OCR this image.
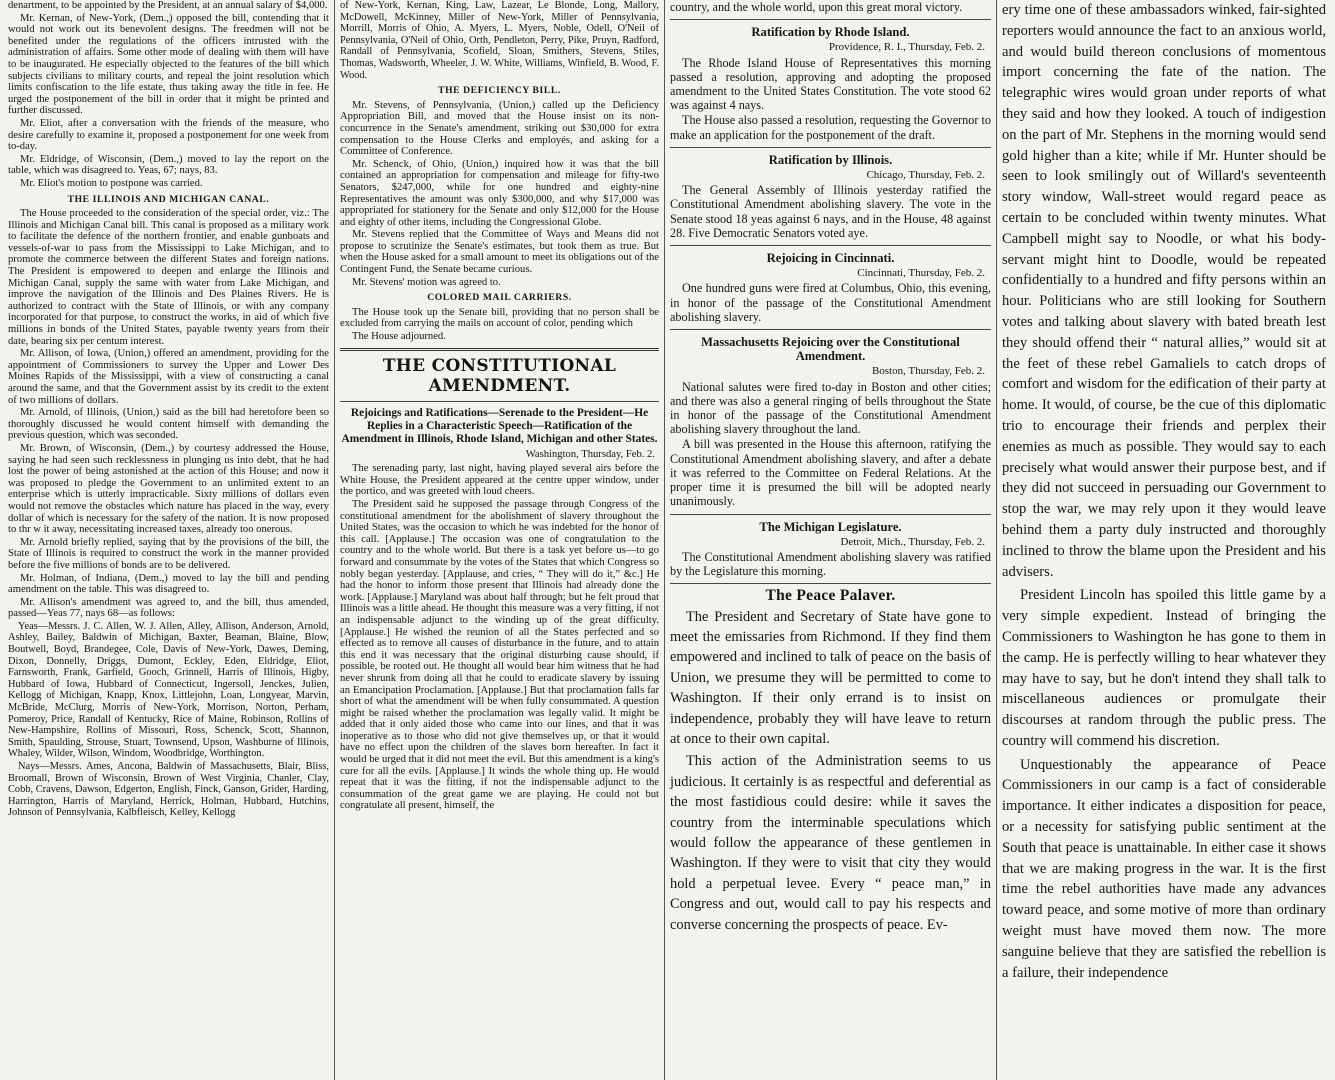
denartment, to be appointed by the President, at an annual salary of $4,000.

Mr. Kernan, of New-York, (Dem.,) opposed the bill, contending that it would not work out its benevolent designs. The freedmen will not be benefited under the regulations of the officers intrusted with the administration of affairs. Some other mode of dealing with them will have to be inaugurated. He especially objected to the features of the bill which subjects civilians to military courts, and repeal the joint resolution which limits confiscation to the life estate, thus taking away the title in fee. He urged the postponement of the bill in order that it might be printed and further discussed.

Mr. Eliot, after a conversation with the friends of the measure, who desire carefully to examine it, proposed a postponement for one week from to-day.

Mr. Eldridge, of Wisconsin, (Dem.,) moved to lay the report on the table, which was disagreed to. Yeas, 67; nays, 83.

Mr. Eliot's motion to postpone was carried.

THE ILLINOIS AND MICHIGAN CANAL.

The House proceeded to the consideration of the special order, viz.: The Illinois and Michigan Canal bill. This canal is proposed as a military work to facilitate the defence of the northern frontier, and enable gunboats and vessels-of-war to pass from the Mississippi to Lake Michigan, and to promote the commerce between the different States and foreign nations. The President is empowered to deepen and enlarge the Illinois and Michigan Canal, supply the same with water from Lake Michigan, and improve the navigation of the Illinois and Des Plaines Rivers. He is authorized to contract with the State of Illinois, or with any company incorporated for that purpose, to construct the works, in aid of which five millions in bonds of the United States, payable twenty years from their date, bearing six per centum interest.

Mr. Allison, of Iowa, (Union,) offered an amendment, providing for the appointment of Commissioners to survey the Upper and Lower Des Moines Rapids of the Mississippi, with a view of constructing a canal around the same, and that the Government assist by its credit to the extent of two millions of dollars.

Mr. Arnold, of Illinois, (Union,) said as the bill had heretofore been so thoroughly discussed he would content himself with demanding the previous question, which was seconded.

Mr. Brown, of Wisconsin, (Dem.,) by courtesy addressed the House, saying he had seen such recklessness in plunging us into debt, that he had lost the power of being astonished at the action of this House; and now it was proposed to pledge the Government to an unlimited extent to an enterprise which is utterly impracticable. Sixty millions of dollars even would not remove the obstacles which nature has placed in the way, every dollar of which is necessary for the safety of the nation. It is now proposed to thr w it away, necessitating increased taxes, already too onerous.

Mr. Arnold briefly replied, saying that by the provisions of the bill, the State of Illinois is required to construct the work in the manner provided before the five millions of bonds are to be delivered.

Mr. Holman, of Indiana, (Dem.,) moved to lay the bill and pending amendment on the table. This was disagreed to.

Mr. Allison's amendment was agreed to, and the bill, thus amended, passed—Yeas 77, nays 68—as follows:

Yeas—Messrs. J. C. Allen, W. J. Allen, Alley, Allison, Anderson, Arnold, Ashley, Bailey, Baldwin of Michigan, Baxter, Beaman, Blaine, Blow, Boutwell, Boyd, Brandegee, Cole, Davis of New-York, Dawes, Deming, Dixon, Donnelly, Driggs, Dumont, Eckley, Eden, Eldridge, Eliot, Farnsworth, Frank, Garfield, Gooch, Grinnell, Harris of Illinois, Higby, Hubbard of Iowa, Hubbard of Connecticut, Ingersoll, Jenckes, Julien, Kellogg of Michigan, Knapp, Knox, Littlejohn, Loan, Longyear, Marvin, McBride, McClurg, Morris of New-York, Morrison, Norton, Perham, Pomeroy, Price, Randall of Kentucky, Rice of Maine, Robinson, Rollins of New-Hampshire, Rollins of Missouri, Ross, Schenck, Scott, Shannon, Smith, Spaulding, Strouse, Stuart, Townsend, Upson, Washburne of Illinois, Whaley, Wilder, Wilson, Windom, Woodbridge, Worthington.

Nays—Messrs. Ames, Ancona, Baldwin of Massachusetts, Blair, Bliss, Broomall, Brown of Wisconsin, Brown of West Virginia, Chanler, Clay, Cobb, Cravens, Dawson, Edgerton, English, Finck, Ganson, Grider, Harding, Harrington, Harris of Maryland, Herrick, Holman, Hubbard, Hutchins, Johnson of Pennsylvania, Kalbfleisch, Kelley, Kellogg

of New-York, Kernan, King, Law, Lazear, Le Blonde, Long, Mallory, McDowell, McKinney, Miller of New-York, Miller of Pennsylvania, Morrill, Morris of Ohio, A. Myers, L. Myers, Noble, Odell, O'Neil of Pennsylvania, O'Neil of Ohio, Orth, Pendleton, Perry, Pike, Pruyn, Radford, Randall of Pennsylvania, Scofield, Sloan, Smithers, Stevens, Stiles, Thomas, Wadsworth, Wheeler, J. W. White, Williams, Winfield, B. Wood, F. Wood.

THE DEFICIENCY BILL.

Mr. Stevens, of Pennsylvania, (Union,) called up the Deficiency Appropriation Bill, and moved that the House insist on its non-concurrence in the Senate's amendment, striking out $30,000 for extra compensation to the House Clerks and employés, and asking for a Committee of Conference.

Mr. Schenck, of Ohio, (Union,) inquired how it was that the bill contained an appropriation for compensation and mileage for fifty-two Senators, $247,000, while for one hundred and eighty-nine Representatives the amount was only $300,000, and why $17,000 was appropriated for stationery for the Senate and only $12,000 for the House and eighty of other items, including the Congressional Globe.

Mr. Stevens replied that the Committee of Ways and Means did not propose to scrutinize the Senate's estimates, but took them as true. But when the House asked for a small amount to meet its obligations out of the Contingent Fund, the Senate became curious.

Mr. Stevens' motion was agreed to.

COLORED MAIL CARRIERS.

The House took up the Senate bill, providing that no person shall be excluded from carrying the mails on account of color, pending which

The House adjourned.

THE CONSTITUTIONAL AMENDMENT.
Rejoicings and Ratifications—Serenade to the President—He Replies in a Characteristic Speech—Ratification of the Amendment in Illinois, Rhode Island, Michigan and other States.
Washington, Thursday, Feb. 2.

The serenading party, last night, having played several airs before the White House, the President appeared at the centre upper window, under the portico, and was greeted with loud cheers.

The President said he supposed the passage through Congress of the constitutional amendment for the abolishment of slavery throughout the United States, was the occasion to which he was indebted for the honor of this call. [Applause.] The occasion was one of congratulation to the country and to the whole world. But there is a task yet before us—to go forward and consummate by the votes of the States that which Congress so nobly began yesterday. [Applause, and cries, “ They will do it,” &c.] He had the honor to inform those present that Illinois had already done the work. [Applause.] Maryland was about half through; but he felt proud that Illinois was a little ahead. He thought this measure was a very fitting, if not an indispensable adjunct to the winding up of the great difficulty. [Applause.] He wished the reunion of all the States perfected and so effected as to remove all causes of disturbance in the future, and to attain this end it was necessary that the original disturbing cause should, if possible, be rooted out. He thought all would bear him witness that he had never shrunk from doing all that he could to eradicate slavery by issuing an Emancipation Proclamation. [Applause.] But that proclamation falls far short of what the amendment will be when fully consummated. A question might be raised whether the proclamation was legally valid. It might be added that it only aided those who came into our lines, and that it was inoperative as to those who did not give themselves up, or that it would have no effect upon the children of the slaves born hereafter. In fact it would be urged that it did not meet the evil. But this amendment is a king's cure for all the evils. [Applause.] It winds the whole thing up. He would repeat that it was the fitting, if not the indispensable adjunct to the consummation of the great game we are playing. He could not but congratulate all present, himself, the

country, and the whole world, upon this great moral victory.

Ratification by Rhode Island.
Providence, R. I., Thursday, Feb. 2.

The Rhode Island House of Representatives this morning passed a resolution, approving and adopting the proposed amendment to the United States Constitution. The vote stood 62 was against 4 nays.

The House also passed a resolution, requesting the Governor to make an application for the postponement of the draft.

Ratification by Illinois.
Chicago, Thursday, Feb. 2.

The General Assembly of Illinois yesterday ratified the Constitutional Amendment abolishing slavery. The vote in the Senate stood 18 yeas against 6 nays, and in the House, 48 against 28. Five Democratic Senators voted aye.

Rejoicing in Cincinnati.
Cincinnati, Thursday, Feb. 2.

One hundred guns were fired at Columbus, Ohio, this evening, in honor of the passage of the Constitutional Amendment abolishing slavery.

Massachusetts Rejoicing over the Constitutional Amendment.
Boston, Thursday, Feb. 2.

National salutes were fired to-day in Boston and other cities; and there was also a general ringing of bells throughout the State in honor of the passage of the Constitutional Amendment abolishing slavery throughout the land.

A bill was presented in the House this afternoon, ratifying the Constitutional Amendment abolishing slavery, and after a debate it was referred to the Committee on Federal Relations. At the proper time it is presumed the bill will be adopted nearly unanimously.

The Michigan Legislature.
Detroit, Mich., Thursday, Feb. 2.

The Constitutional Amendment abolishing slavery was ratified by the Legislature this morning.

The Peace Palaver.

The President and Secretary of State have gone to meet the emissaries from Richmond. If they find them empowered and inclined to talk of peace on the basis of Union, we presume they will be permitted to come to Washington. If their only errand is to insist on independence, probably they will have leave to return at once to their own capital.

This action of the Administration seems to us judicious. It certainly is as respectful and deferential as the most fastidious could desire: while it saves the country from the interminable speculations which would follow the appearance of these gentlemen in Washington. If they were to visit that city they would hold a perpetual levee. Every “ peace man,” in Congress and out, would call to pay his respects and converse concerning the prospects of peace. Ev-

ery time one of these ambassadors winked, fair-sighted reporters would announce the fact to an anxious world, and would build thereon conclusions of momentous import concerning the fate of the nation. The telegraphic wires would groan under reports of what they said and how they looked. A touch of indigestion on the part of Mr. Stephens in the morning would send gold higher than a kite; while if Mr. Hunter should be seen to look smilingly out of Willard's seventeenth story window, Wall-street would regard peace as certain to be concluded within twenty minutes. What Campbell might say to Noodle, or what his body-servant might hint to Doodle, would be repeated confidentially to a hundred and fifty persons within an hour. Politicians who are still looking for Southern votes and talking about slavery with bated breath lest they should offend their “ natural allies,” would sit at the feet of these rebel Gamaliels to catch drops of comfort and wisdom for the edification of their party at home. It would, of course, be the cue of this diplomatic trio to encourage their friends and perplex their enemies as much as possible. They would say to each precisely what would answer their purpose best, and if they did not succeed in persuading our Government to stop the war, we may rely upon it they would leave behind them a party duly instructed and thoroughly inclined to throw the blame upon the President and his advisers.

President Lincoln has spoiled this little game by a very simple expedient. Instead of bringing the Commissioners to Washington he has gone to them in the camp. He is perfectly willing to hear whatever they may have to say, but he don't intend they shall talk to miscellaneous audiences or promulgate their discourses at random through the public press. The country will commend his discretion.

Unquestionably the appearance of Peace Commissioners in our camp is a fact of considerable importance. It either indicates a disposition for peace, or a necessity for satisfying public sentiment at the South that peace is unattainable. In either case it shows that we are making progress in the war. It is the first time the rebel authorities have made any advances toward peace, and some motive of more than ordinary weight must have moved them now. The more sanguine believe that they are satisfied the rebellion is a failure, their independence
